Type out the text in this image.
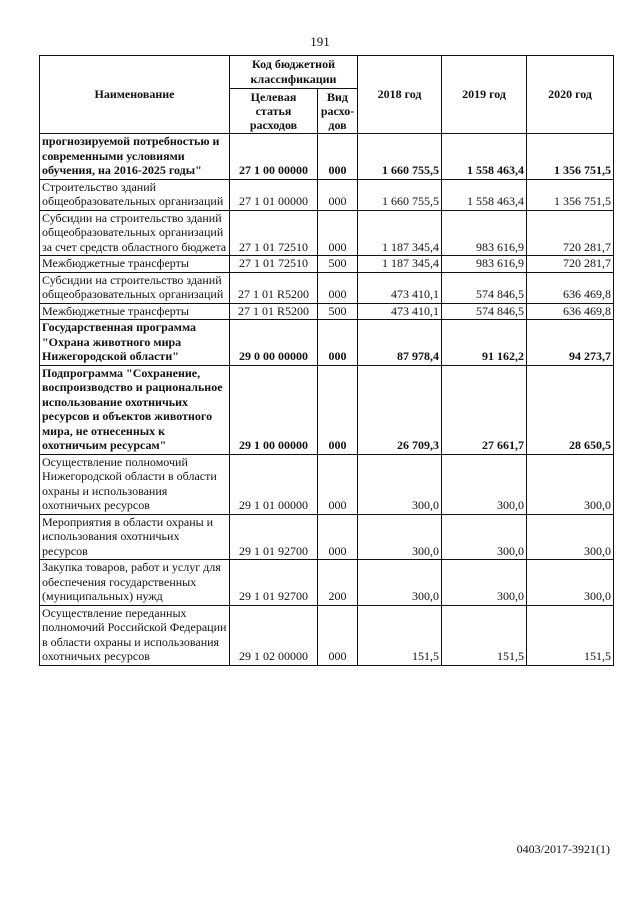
191
Наименование	Код бюджетной классификации		2018 год	2019 год	2020 год
	Целевая статья расходов	Вид расхо-дов			
прогнозируемой потребностью и современными условиями обучения, на 2016-2025 годы"	27 1 00 00000	000	1 660 755,5	1 558 463,4	1 356 751,5
Строительство зданий общеобразовательных организаций	27 1 01 00000	000	1 660 755,5	1 558 463,4	1 356 751,5
Субсидии на строительство зданий общеобразовательных организаций за счет средств областного бюджета	27 1 01 72510	000	1 187 345,4	983 616,9	720 281,7
Межбюджетные трансферты	27 1 01 72510	500	1 187 345,4	983 616,9	720 281,7
Субсидии на строительство зданий общеобразовательных организаций	27 1 01 R5200	000	473 410,1	574 846,5	636 469,8
Межбюджетные трансферты	27 1 01 R5200	500	473 410,1	574 846,5	636 469,8
Государственная программа "Охрана животного мира Нижегородской области"	29 0 00 00000	000	87 978,4	91 162,2	94 273,7
Подпрограмма "Сохранение, воспроизводство и рациональное использование охотничьих ресурсов и объектов животного мира, не отнесенных к охотничьим ресурсам"	29 1 00 00000	000	26 709,3	27 661,7	28 650,5
Осуществление полномочий Нижегородской области в области охраны и использования охотничьих ресурсов	29 1 01 00000	000	300,0	300,0	300,0
Мероприятия в области охраны и использования охотничьих ресурсов	29 1 01 92700	000	300,0	300,0	300,0
Закупка товаров, работ и услуг для обеспечения государственных (муниципальных) нужд	29 1 01 92700	200	300,0	300,0	300,0
Осуществление переданных полномочий Российской Федерации в области охраны и использования охотничьих ресурсов	29 1 02 00000	000	151,5	151,5	151,5
0403/2017-3921(1)
